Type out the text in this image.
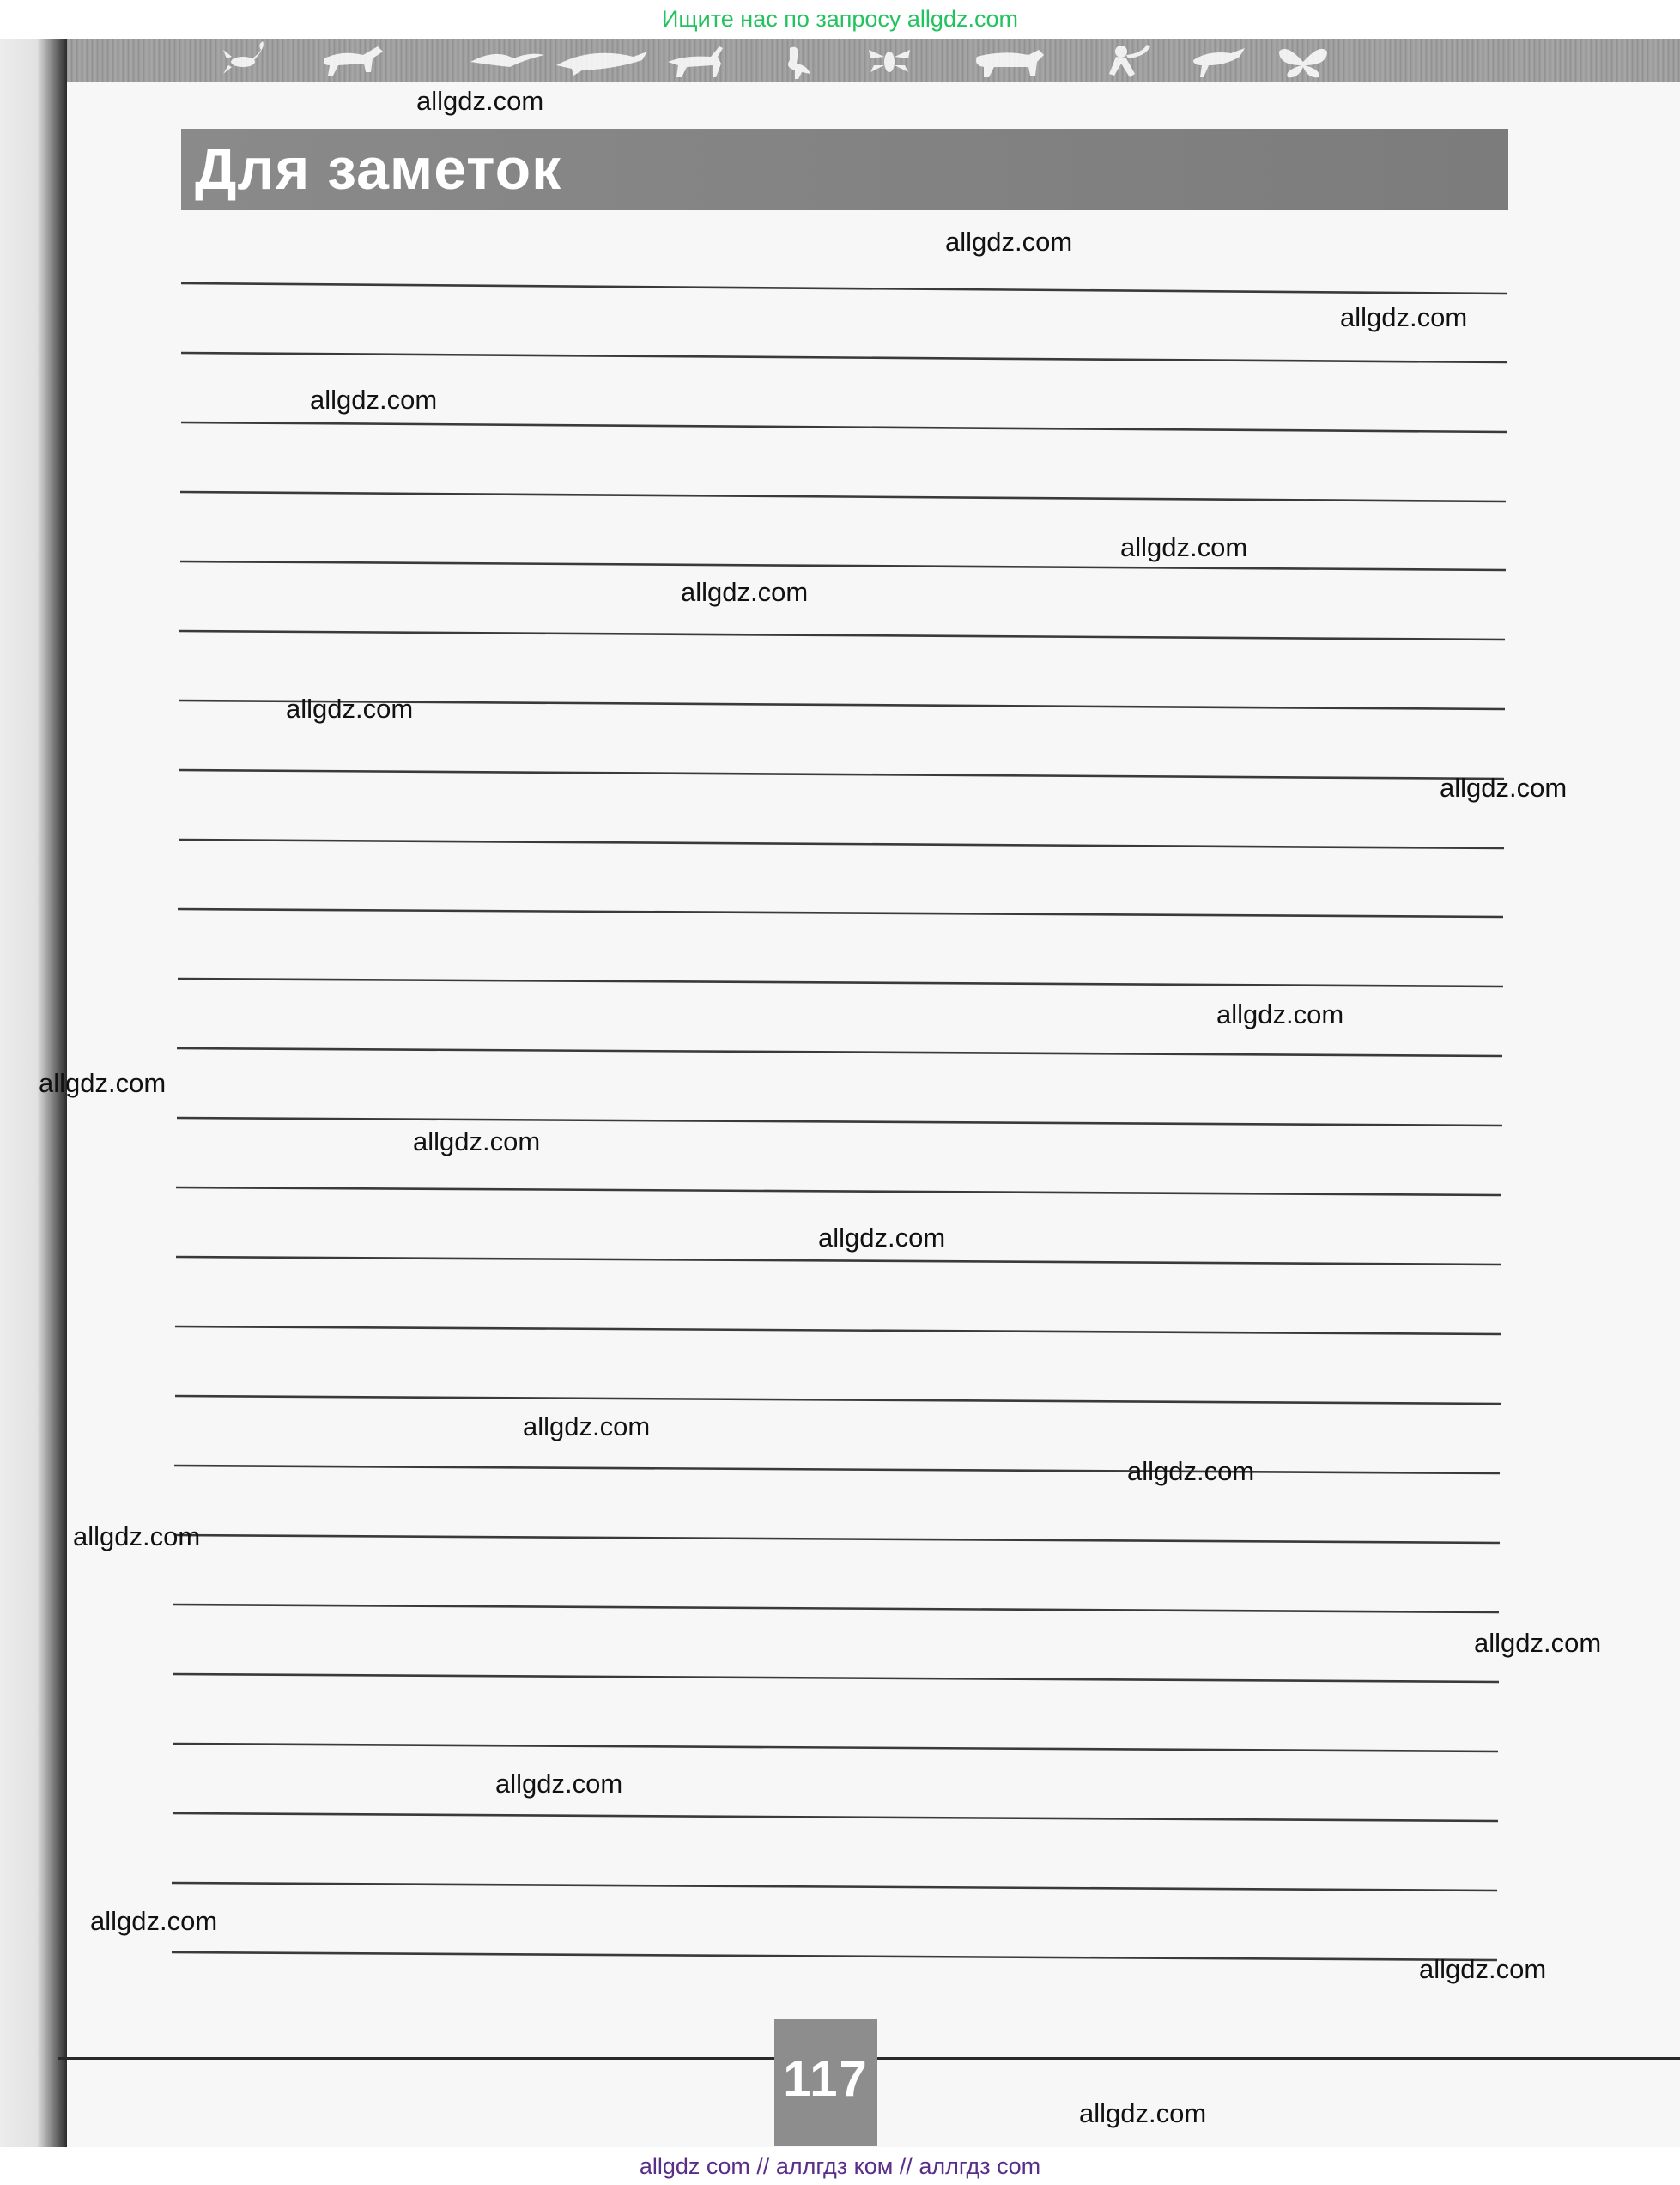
Ищите нас по запросу allgdz.com
Для заметок
117
allgdz.com
allgdz.com
allgdz.com
allgdz.com
allgdz.com
allgdz.com
allgdz.com
allgdz.com
allgdz.com
allgdz.com
allgdz.com
allgdz.com
allgdz.com
allgdz.com
allgdz.com
allgdz.com
allgdz.com
allgdz.com
allgdz.com
allgdz.com
allgdz com // аллгдз ком // аллгдз com
